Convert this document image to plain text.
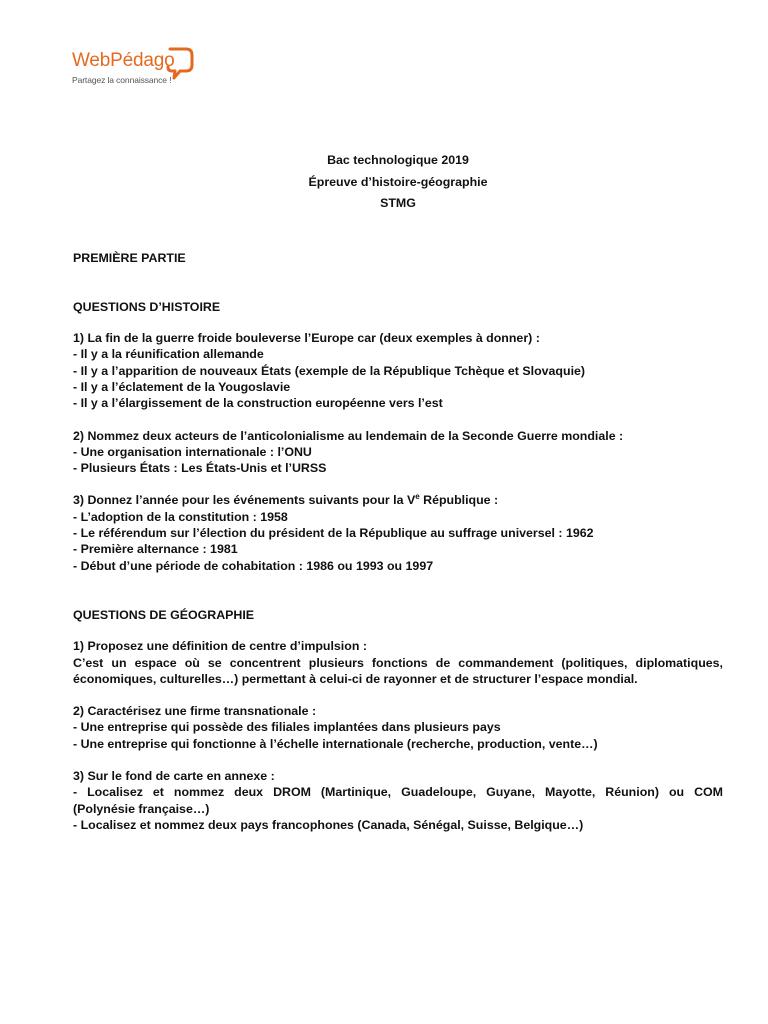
WebPédago
Partagez la connaissance !
Bac technologique 2019
Épreuve d’histoire-géographie
STMG
PREMIÈRE PARTIE
QUESTIONS D’HISTOIRE
1) La fin de la guerre froide bouleverse l’Europe car (deux exemples à donner) :
- Il y a la réunification allemande
- Il y a l’apparition de nouveaux États (exemple de la République Tchèque et Slovaquie)
- Il y a l’éclatement de la Yougoslavie
- Il y a l’élargissement de la construction européenne vers l’est
2) Nommez deux acteurs de l’anticolonialisme au lendemain de la Seconde Guerre mondiale :
- Une organisation internationale : l’ONU
- Plusieurs États : Les États-Unis et l’URSS
3) Donnez l’année pour les événements suivants pour la Ve République :
- L’adoption de la constitution : 1958
- Le référendum sur l’élection du président de la République au suffrage universel : 1962
- Première alternance : 1981
- Début d’une période de cohabitation : 1986 ou 1993 ou 1997
QUESTIONS DE GÉOGRAPHIE
1) Proposez une définition de centre d’impulsion :
C’est un espace où se concentrent plusieurs fonctions de commandement (politiques, diplomatiques,
économiques, culturelles…) permettant à celui-ci de rayonner et de structurer l’espace mondial.
2) Caractérisez une firme transnationale :
- Une entreprise qui possède des filiales implantées dans plusieurs pays
- Une entreprise qui fonctionne à l’échelle internationale (recherche, production, vente…)
3) Sur le fond de carte en annexe :
- Localisez et nommez deux DROM (Martinique, Guadeloupe, Guyane, Mayotte, Réunion) ou COM
(Polynésie française…)
- Localisez et nommez deux pays francophones (Canada, Sénégal, Suisse, Belgique…)
